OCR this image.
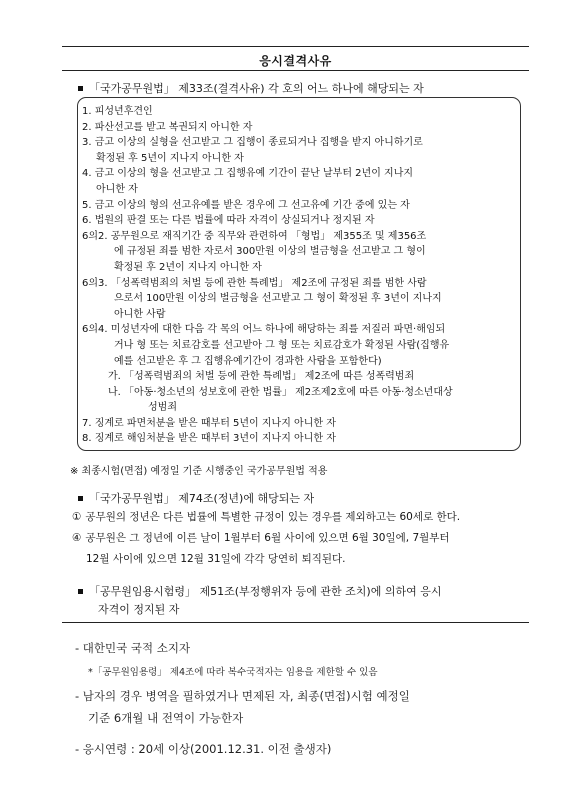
응시결격사유
「국가공무원법」 제33조(결격사유) 각 호의 어느 하나에 해당되는 자
1.
피성년후견인
2.
파산선고를 받고 복권되지 아니한 자
3.
금고 이상의 실형을 선고받고 그 집행이 종료되거나 집행을 받지 아니하기로
확정된 후 5년이 지나지 아니한 자
4.
금고 이상의 형을 선고받고 그 집행유예 기간이 끝난 날부터 2년이 지나지
아니한 자
5.
금고 이상의 형의 선고유예를 받은 경우에 그 선고유예 기간 중에 있는 자
6.
법원의 판결 또는 다른 법률에 따라 자격이 상실되거나 정지된 자
6의2.
공무원으로 재직기간 중 직무와 관련하여 「형법」 제355조 및 제356조
에 규정된 죄를 범한 자로서 300만원 이상의 벌금형을 선고받고 그 형이
확정된 후 2년이 지나지 아니한 자
6의3.
「성폭력범죄의 처벌 등에 관한 특례법」 제2조에 규정된 죄를 범한 사람
으로서 100만원 이상의 벌금형을 선고받고 그 형이 확정된 후 3년이 지나지
아니한 사람
6의4.
미성년자에 대한 다음 각 목의 어느 하나에 해당하는 죄를 저질러 파면·해임되
거나 형 또는 치료감호를 선고받아 그 형 또는 치료감호가 확정된 사람(집행유
예를 선고받은 후 그 집행유예기간이 경과한 사람을 포함한다)
가. 「성폭력범죄의 처벌 등에 관한 특례법」 제2조에 따른 성폭력범죄
나. 「아동·청소년의 성보호에 관한 법률」 제2조제2호에 따른 아동·청소년대상
성범죄
7.
징계로 파면처분을 받은 때부터 5년이 지나지 아니한 자
8.
징계로 해임처분을 받은 때부터 3년이 지나지 아니한 자
※ 최종시험(면접) 예정일 기준 시행중인 국가공무원법 적용
「국가공무원법」 제74조(정년)에 해당되는 자
① 공무원의 정년은 다른 법률에 특별한 규정이 있는 경우를 제외하고는 60세로 한다.
④ 공무원은 그 정년에 이른 날이 1월부터 6월 사이에 있으면 6월 30일에, 7월부터
12월 사이에 있으면 12월 31일에 각각 당연히 퇴직된다.
「공무원임용시험령」 제51조(부정행위자 등에 관한 조치)에 의하여 응시
자격이 정지된 자
- 대한민국 국적 소지자
*「공무원임용령」 제4조에 따라 복수국적자는 임용을 제한할 수 있음
- 남자의 경우 병역을 필하였거나 면제된 자, 최종(면접)시험 예정일
기준 6개월 내 전역이 가능한자
- 응시연령 : 20세 이상(2001.12.31. 이전 출생자)
